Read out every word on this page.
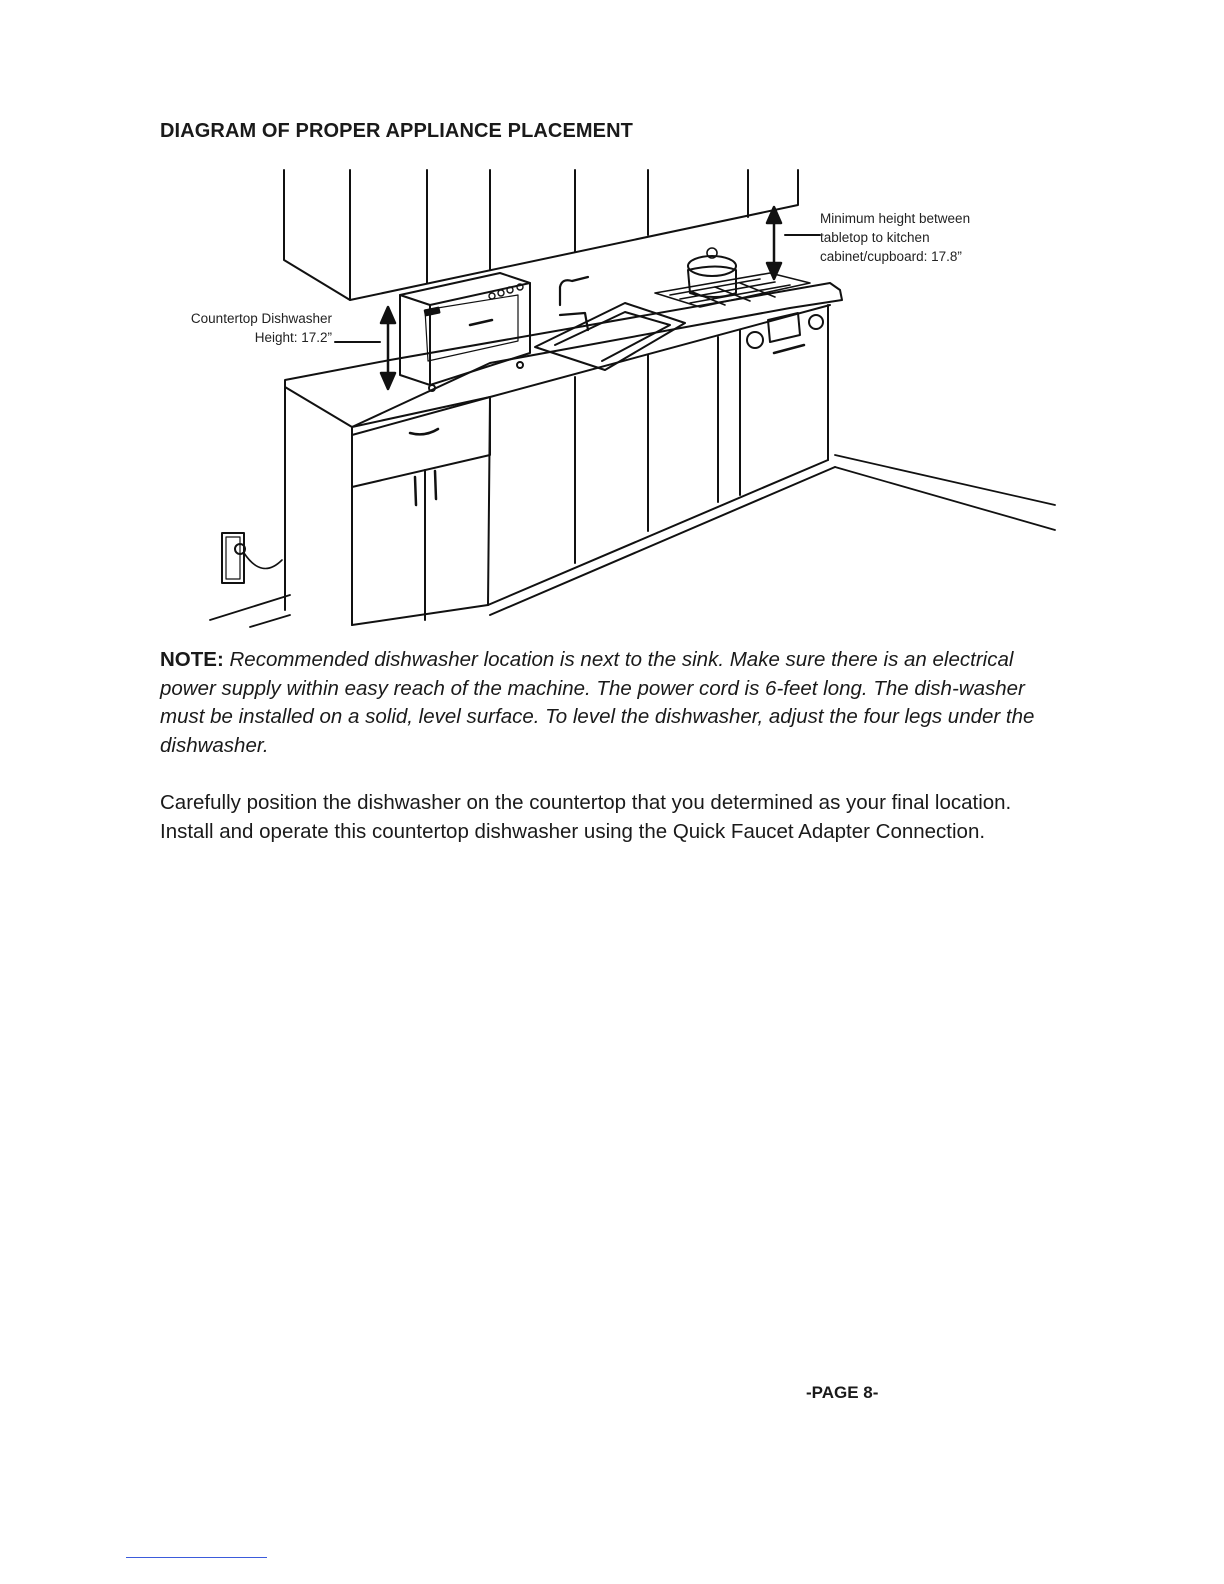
DIAGRAM OF PROPER APPLIANCE PLACEMENT
Countertop Dishwasher
Height: 17.2”
Minimum height between
tabletop to kitchen
cabinet/cupboard: 17.8”

NOTE: Recommended dishwasher location is next to the sink. Make sure there is an electrical power supply within easy reach of the machine. The power cord is 6-feet long. The dish-washer must be installed on a solid, level surface. To level the dishwasher, adjust the four legs under the dishwasher.

Carefully position the dishwasher on the countertop that you determined as your final location. Install and operate this countertop dishwasher using the Quick Faucet Adapter Connection.

-PAGE 8-
